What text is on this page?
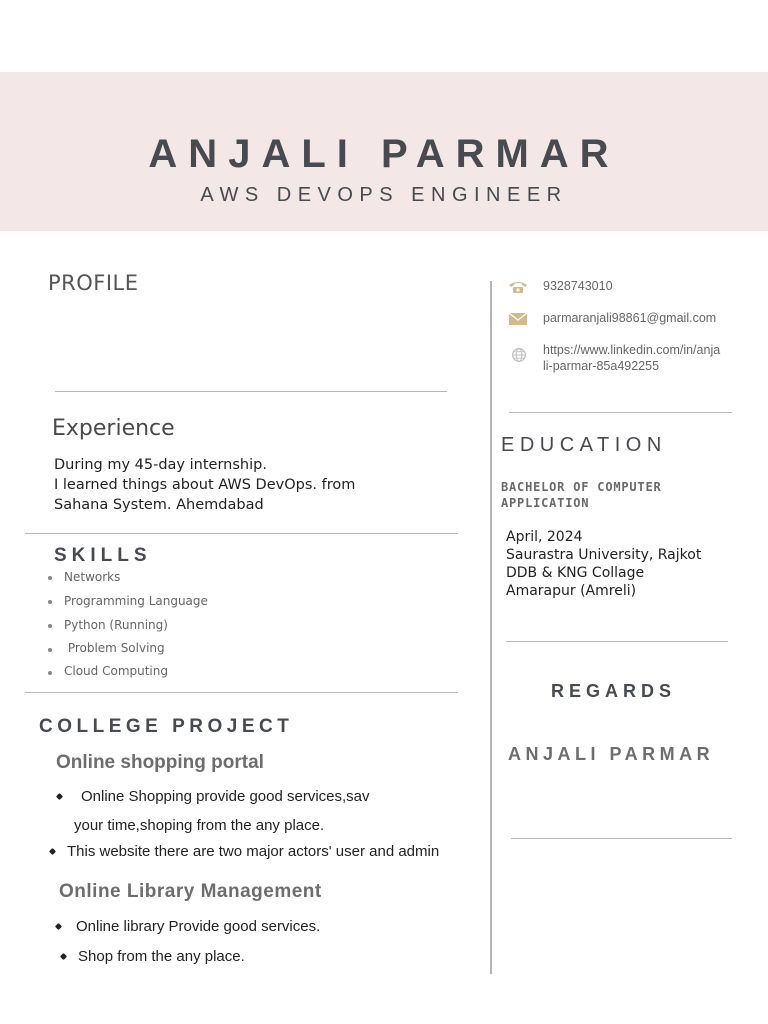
ANJALI PARMAR
AWS DEVOPS ENGINEER
PROFILE
Experience
During my 45-day internship.
I learned things about AWS DevOps. from
Sahana System. Ahemdabad
SKILLS
Networks
Programming Language
Python (Running)
Problem Solving
Cloud Computing
COLLEGE PROJECT
Online shopping portal
Online Shopping provide good services,sav
your time,shoping from the any place.
This website there are two major actors' user and admin
Online Library Management
Online library Provide good services.
Shop from the any place.
9328743010
parmaranjali98861@gmail.com
https://www.linkedin.com/in/anja
li-parmar-85a492255
EDUCATION
BACHELOR OF COMPUTER
APPLICATION
April, 2024
Saurastra University, Rajkot
DDB & KNG Collage
Amarapur (Amreli)
REGARDS
ANJALI PARMAR
